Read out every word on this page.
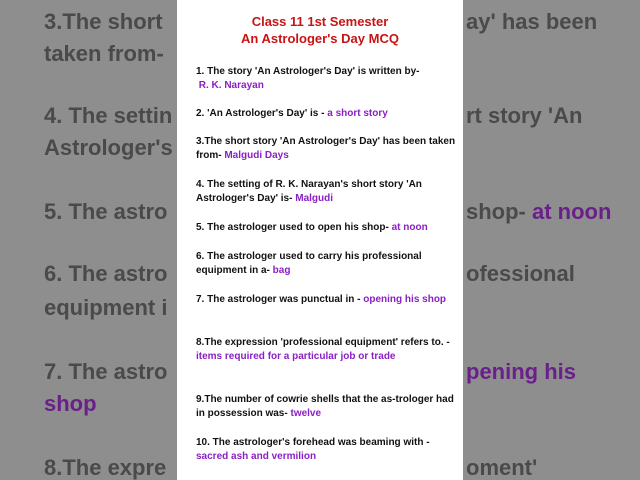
3.The short
taken from-
4. The settin
Astrologer's
5. The astro
6. The astro
equipment i
7. The astro
shop
8.The expre
ay' has been
rt story 'An
shop- at noon
ofessional
pening his
oment'
Class 11 1st Semester
An Astrologer's Day MCQ
1. The story 'An Astrologer's Day' is written by-
R. K. Narayan
2. 'An Astrologer's Day' is - a short story
3.The short story 'An Astrologer's Day' has been taken from- Malgudi Days
4. The setting of R. K. Narayan's short story 'An Astrologer's Day' is- Malgudi
5. The astrologer used to open his shop- at noon
6. The astrologer used to carry his professional equipment in a- bag
7. The astrologer was punctual in - opening his shop
8.The expression 'professional equipment' refers to. - items required for a particular job or trade
9.The number of cowrie shells that the as-trologer had in possession was- twelve
10. The astrologer's forehead was beaming with - sacred ash and vermilion
